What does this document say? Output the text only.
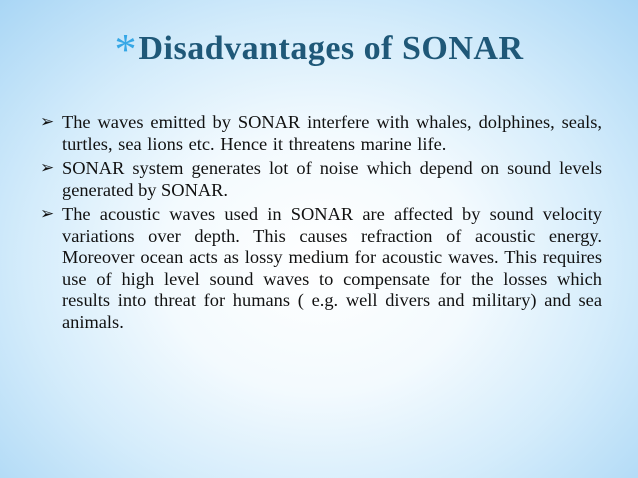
*Disadvantages of SONAR
➢ The waves emitted by SONAR interfere with whales, dolphines, seals, turtles, sea lions etc. Hence it threatens marine life.
➢ SONAR system generates lot of noise which depend on sound levels generated by SONAR.
➢ The acoustic waves used in SONAR are affected by sound velocity variations over depth. This causes refraction of acoustic energy. Moreover ocean acts as lossy medium for acoustic waves. This requires use of high level sound waves to compensate for the losses which results into threat for humans ( e.g. well divers and military) and sea animals.
